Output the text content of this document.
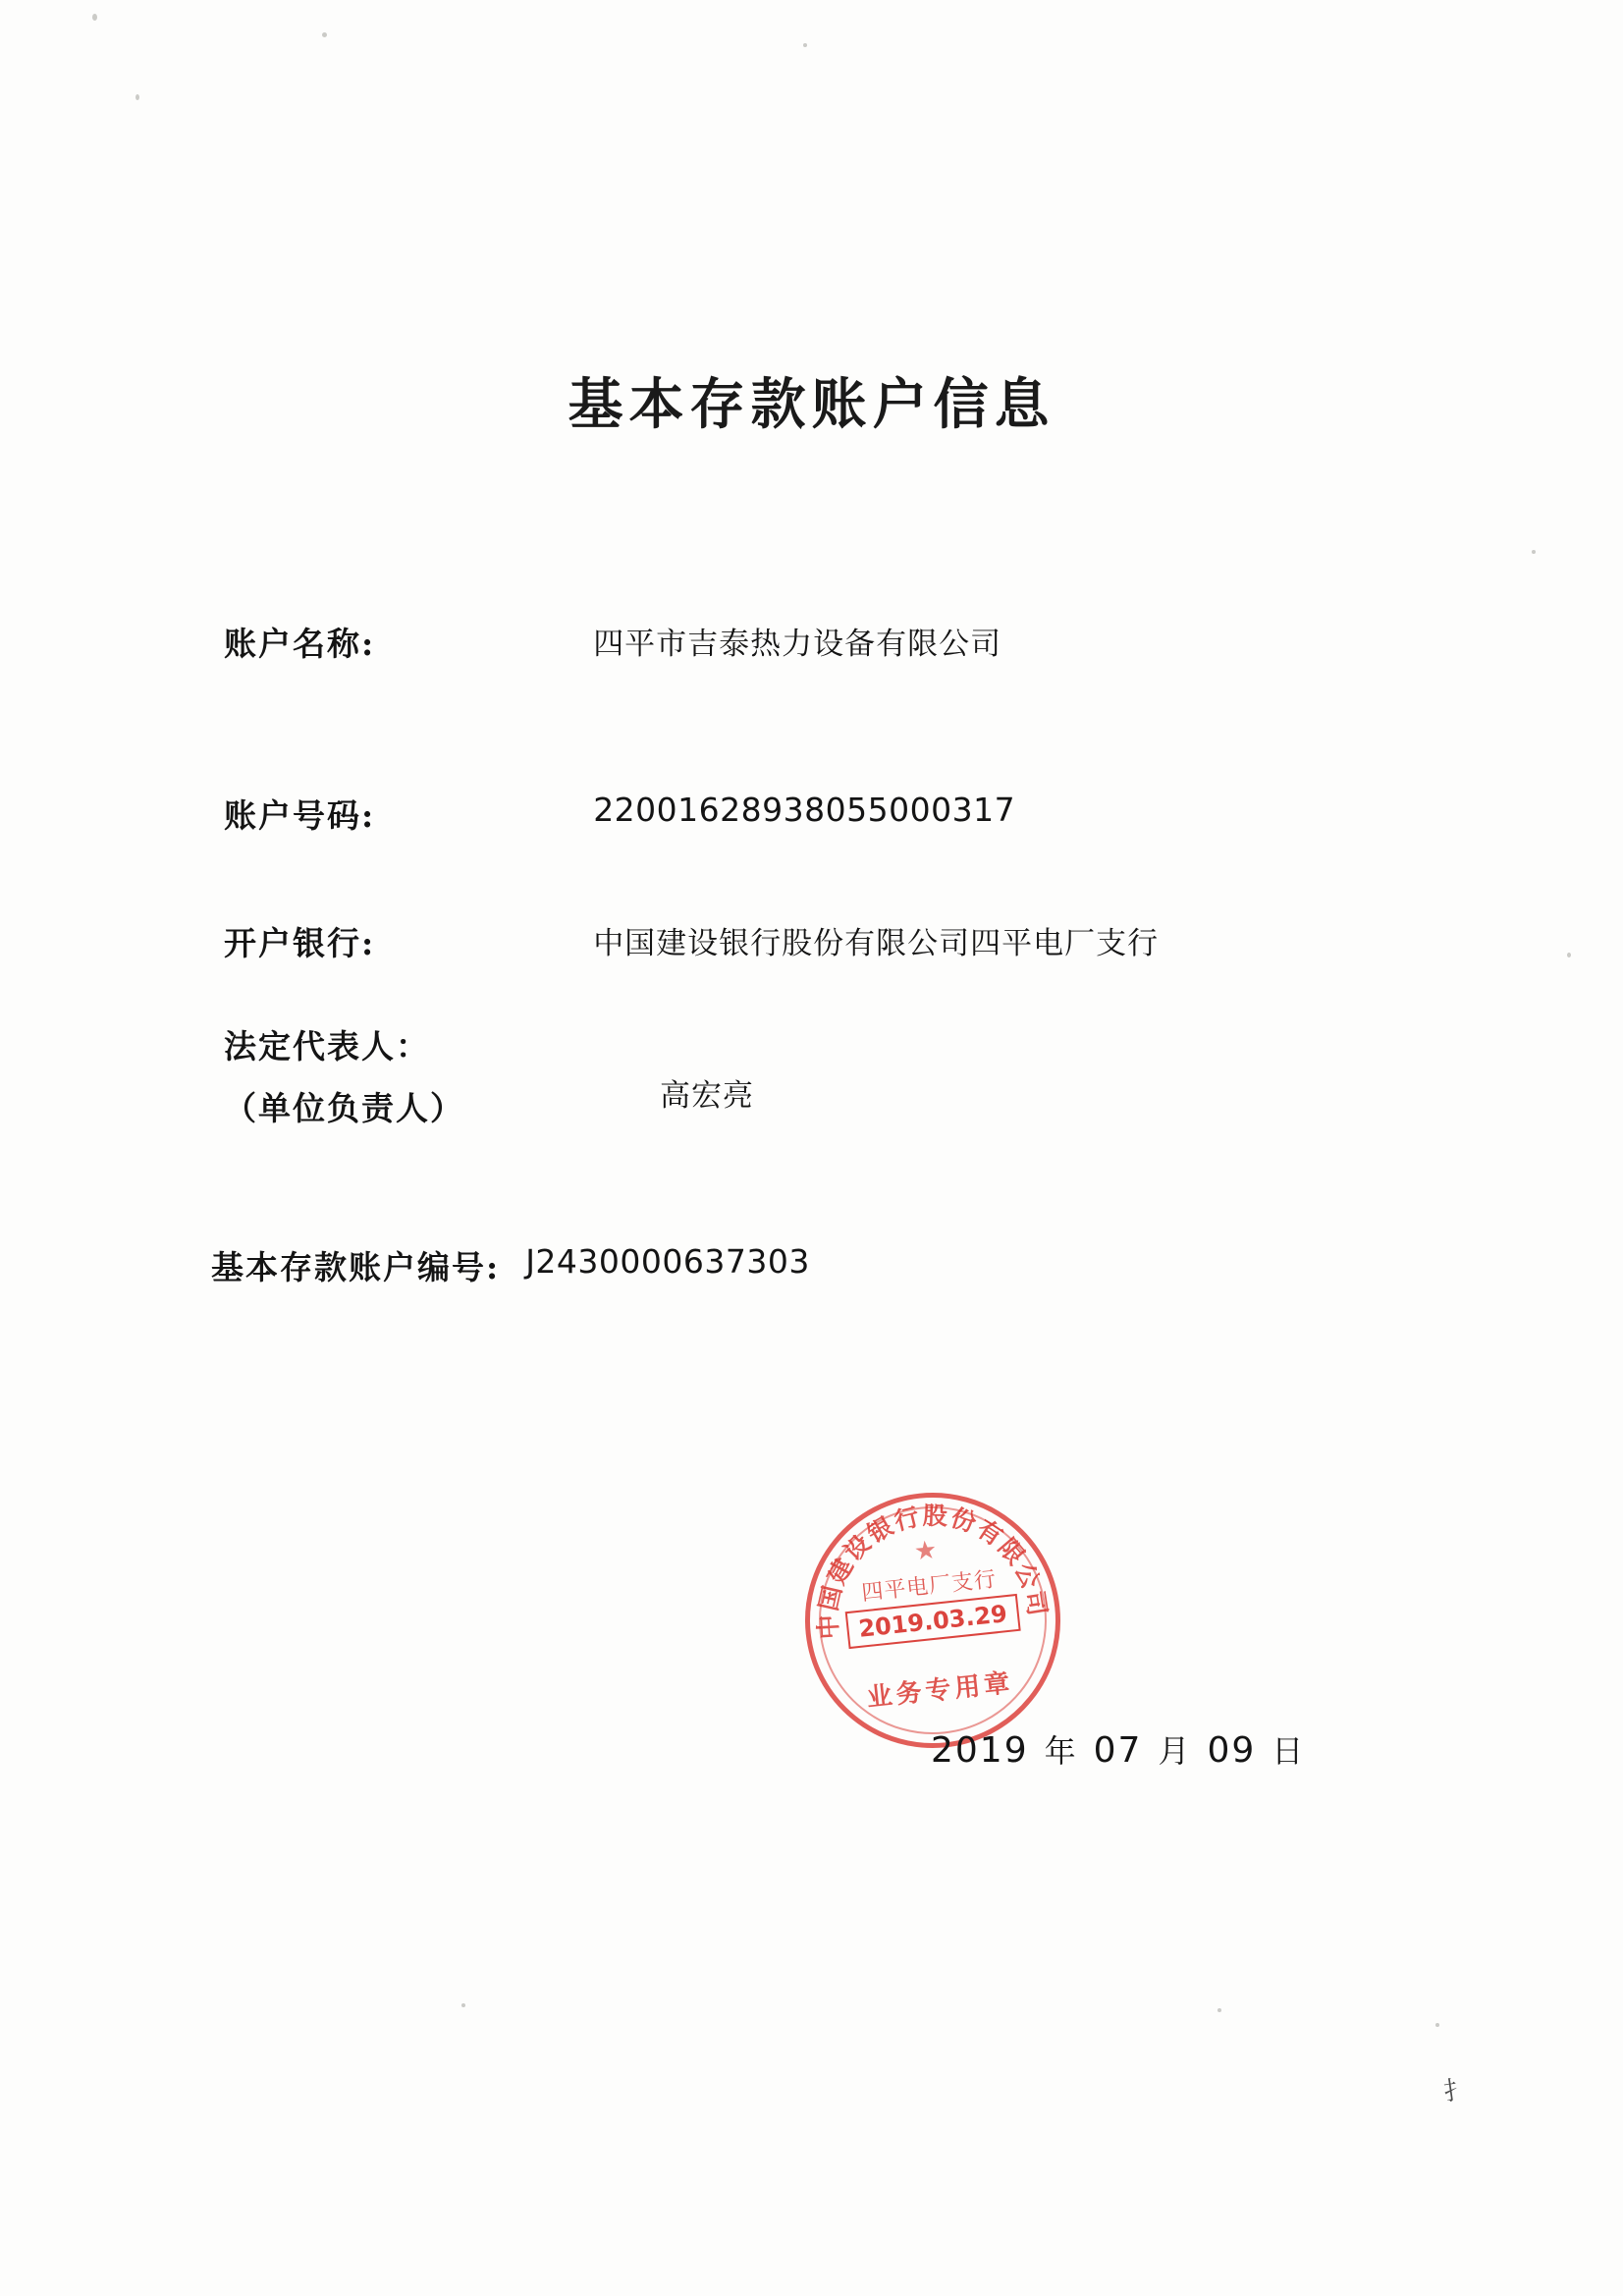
基本存款账户信息
账户名称:	四平市吉泰热力设备有限公司
账户号码:	22001628938055000317
开户银行:	中国建设银行股份有限公司四平电厂支行
法定代表人：
（单位负责人）	高宏亮
基本存款账户编号: J2430000637303
中国建设银行股份有限公司
★
四平电厂支行
2019.03.29
业务专用章
2019 年 07 月 09 日
扌
